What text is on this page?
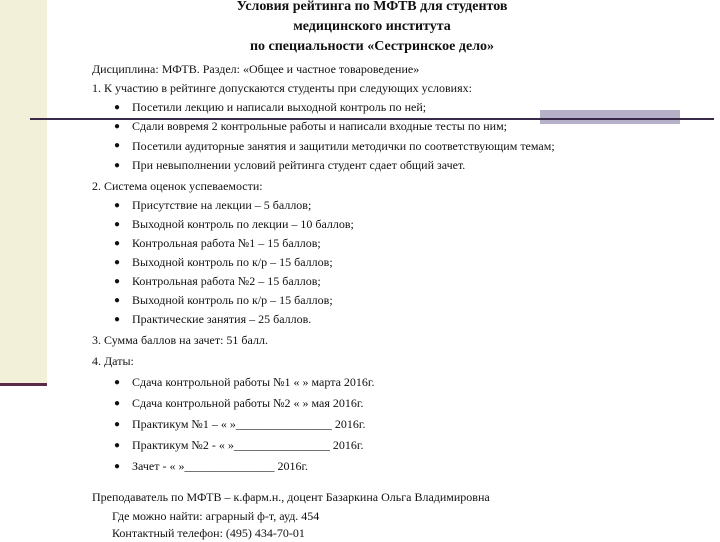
Условия рейтинга по МФТВ для студентов
медицинского института
по специальности «Сестринское дело»
Дисциплина: МФТВ. Раздел: «Общее и частное товароведение»
1. К участию в рейтинге допускаются студенты при следующих условиях:
● Посетили лекцию и написали выходной контроль по ней;
● Сдали вовремя 2 контрольные работы и написали входные тесты по ним;
● Посетили аудиторные занятия и защитили методички по соответствующим темам;
● При невыполнении условий рейтинга студент сдает общий зачет.
2. Система оценок успеваемости:
● Присутствие на лекции – 5 баллов;
● Выходной контроль по лекции – 10 баллов;
● Контрольная работа №1 – 15 баллов;
● Выходной контроль по к/р – 15 баллов;
● Контрольная работа №2 – 15 баллов;
● Выходной контроль по к/р – 15 баллов;
● Практические занятия – 25 баллов.
3. Сумма баллов на зачет: 51 балл.
4. Даты:
● Сдача контрольной работы №1 « » марта 2016г.
● Сдача контрольной работы №2 « » мая 2016г.
● Практикум №1 – « »________________ 2016г.
● Практикум №2 - « »________________ 2016г.
● Зачет - « »_______________ 2016г.
Преподаватель по МФТВ – к.фарм.н., доцент Базаркина Ольга Владимировна
Где можно найти: аграрный ф-т, ауд. 454
Контактный телефон: (495) 434-70-01
